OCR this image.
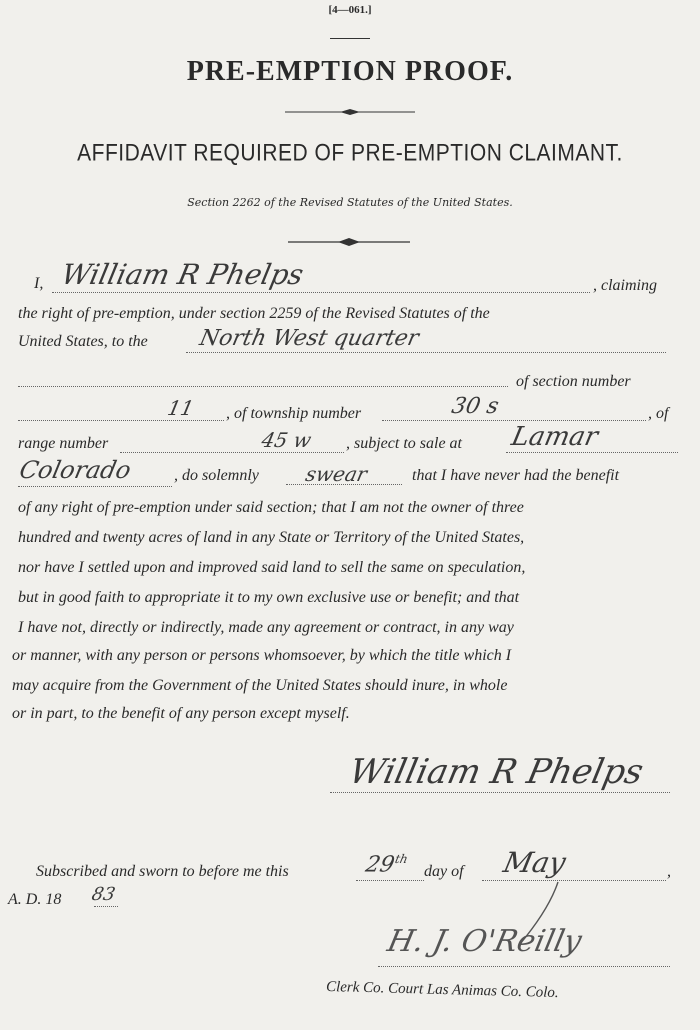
[4—061.]
PRE-EMPTION PROOF.
AFFIDAVIT REQUIRED OF PRE-EMPTION CLAIMANT.
Section 2262 of the Revised Statutes of the United States.
I, William R Phelps	, claiming
the right of pre-emption, under section 2259 of the Revised Statutes of the
United States, to the North West quarter
of section number
11 , of township number	30 s	, of
range number	45 w , subject to sale at Lamar
Colorado	, do solemnly swear	that I have never had the benefit
of any right of pre-emption under said section; that I am not the owner of three
hundred and twenty acres of land in any State or Territory of the United States,
nor have I settled upon and improved said land to sell the same on speculation,
but in good faith to appropriate it to my own exclusive use or benefit; and that
I have not, directly or indirectly, made any agreement or contract, in any way
or manner, with any person or persons whomsoever, by which the title which I
may acquire from the Government of the United States should inure, in whole
or in part, to the benefit of any person except myself.
William R Phelps
Subscribed and sworn to before me this	29th
day of May	,
A. D. 18 83
H. J. O'Reilly
Clerk Co. Court Las Animas Co. Colo.
